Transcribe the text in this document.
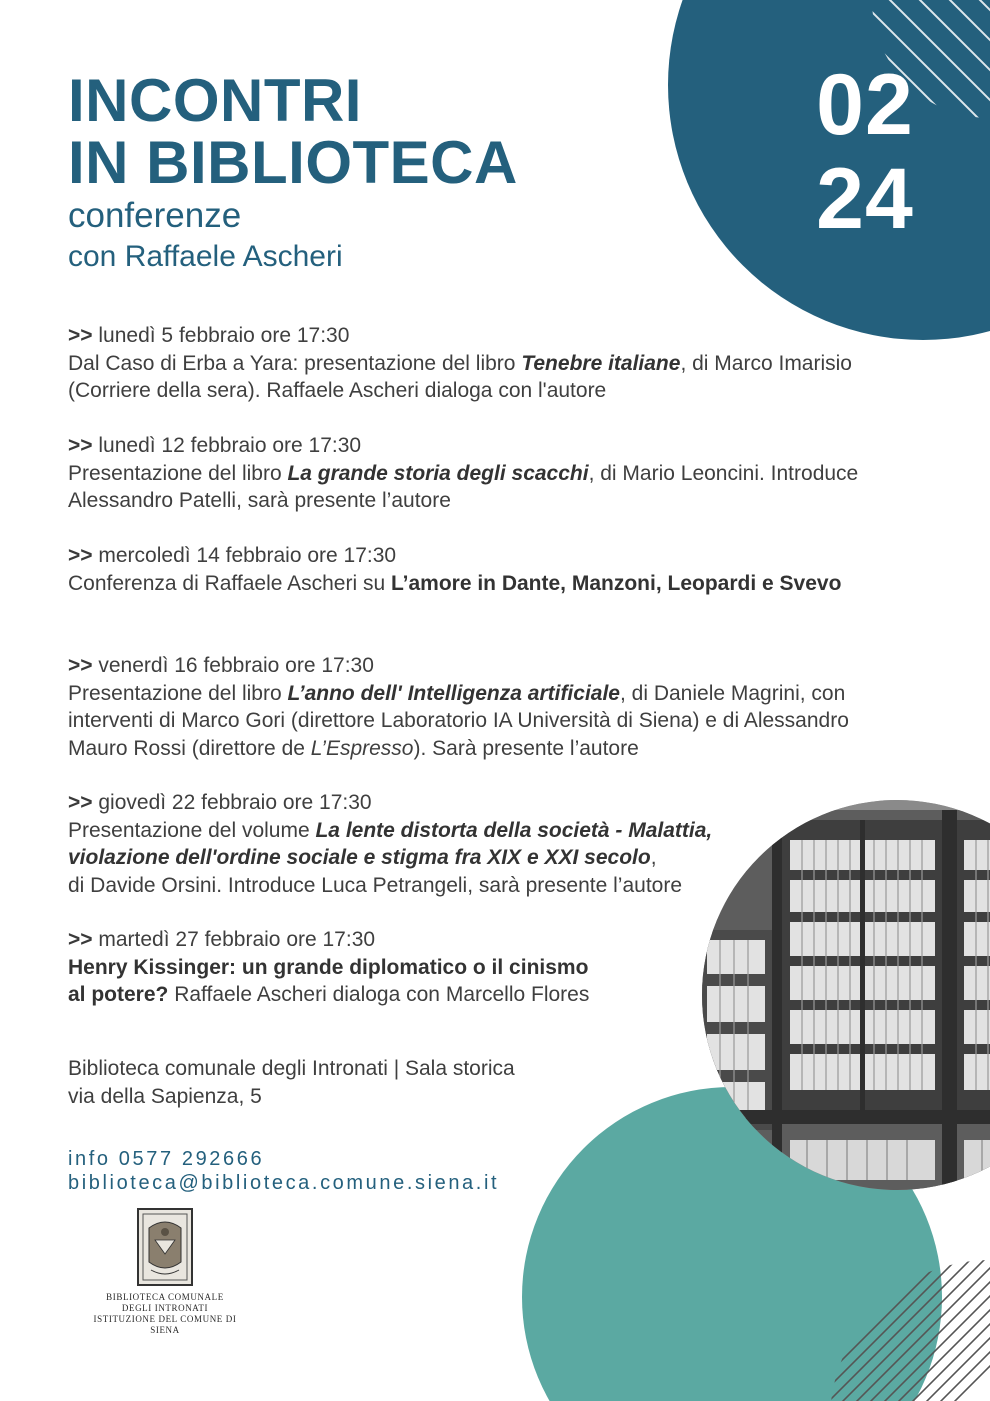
02
24
INCONTRI
IN BIBLIOTECA
conferenze
con Raffaele Ascheri

>> lunedì 5 febbraio ore 17:30

Dal Caso di Erba a Yara: presentazione del libro Tenebre italiane, di Marco Imarisio (Corriere della sera). Raffaele Ascheri dialoga con l'autore

>> lunedì 12 febbraio ore 17:30

Presentazione del libro La grande storia degli scacchi, di Mario Leoncini. Introduce Alessandro Patelli, sarà presente l’autore

>> mercoledì 14 febbraio ore 17:30

Conferenza di Raffaele Ascheri su L’amore in Dante, Manzoni, Leopardi e Svevo

>> venerdì 16 febbraio ore 17:30

Presentazione del libro L’anno dell' Intelligenza artificiale, di Daniele Magrini, con interventi di Marco Gori (direttore Laboratorio IA Università di Siena) e di Alessandro Mauro Rossi (direttore de L’Espresso). Sarà presente l’autore

>> giovedì 22 febbraio ore 17:30

Presentazione del volume La lente distorta della società - Malattia,

violazione dell'ordine sociale e stigma fra XIX e XXI secolo,

di Davide Orsini. Introduce Luca Petrangeli, sarà presente l’autore

>> martedì 27 febbraio ore 17:30

Henry Kissinger: un grande diplomatico o il cinismo

al potere? Raffaele Ascheri dialoga con Marcello Flores

Biblioteca comunale degli Intronati | Sala storica
via della Sapienza, 5
info 0577 292666
biblioteca@biblioteca.comune.siena.it
BIBLIOTECA COMUNALE
DEGLI INTRONATI
ISTITUZIONE DEL COMUNE DI SIENA
